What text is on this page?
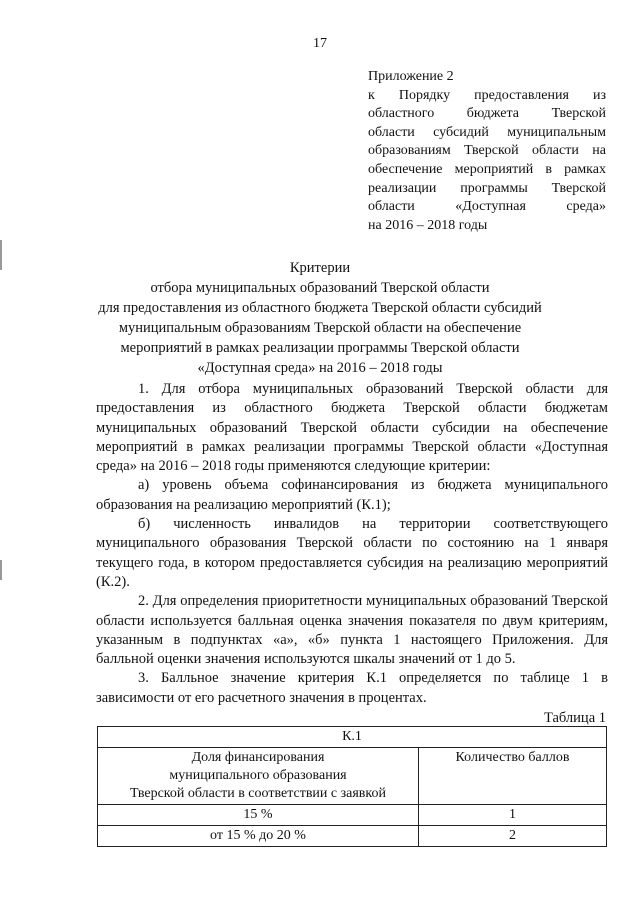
17
Приложение 2
к Порядку предоставления из
областного бюджета Тверской
области субсидий муниципальным
образованиям Тверской области на
обеспечение мероприятий в рамках
реализации программы Тверской
области «Доступная среда»
на 2016 – 2018 годы
Критерии
отбора муниципальных образований Тверской области
для предоставления из областного бюджета Тверской области субсидий
муниципальным образованиям Тверской области на обеспечение
мероприятий в рамках реализации программы Тверской области
«Доступная среда» на 2016 – 2018 годы

1. Для отбора муниципальных образований Тверской области для предоставления из областного бюджета Тверской области бюджетам муниципальных образований Тверской области субсидии на обеспечение мероприятий в рамках реализации программы Тверской области «Доступная среда» на 2016 – 2018 годы применяются следующие критерии:

а) уровень объема софинансирования из бюджета муниципального образования на реализацию мероприятий (К.1);

б) численность инвалидов на территории соответствующего муниципального образования Тверской области по состоянию на 1 января текущего года, в котором предоставляется субсидия на реализацию мероприятий (К.2).

2. Для определения приоритетности муниципальных образований Тверской области используется балльная оценка значения показателя по двум критериям, указанным в подпунктах «а», «б» пункта 1 настоящего Приложения. Для балльной оценки значения используются шкалы значений от 1 до 5.

3. Балльное значение критерия К.1 определяется по таблице 1 в зависимости от его расчетного значения в процентах.

Таблица 1
К.1	

Доля финансирования
муниципального образования
Тверской области в соответствии с заявкой	Количество баллов
15 %	1
от 15 % до 20 %	2
